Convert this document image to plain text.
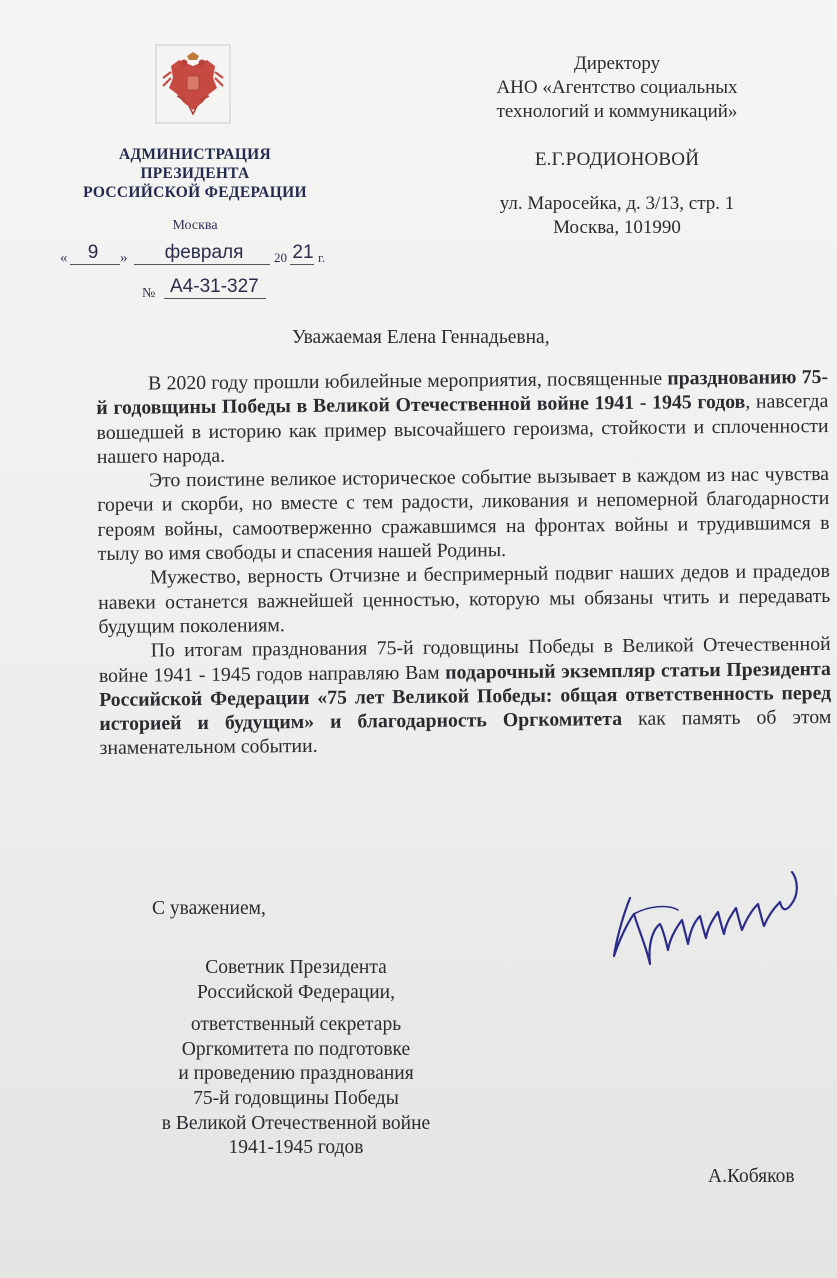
АДМИНИСТРАЦИЯ
ПРЕЗИДЕНТА
РОССИЙСКОЙ ФЕДЕРАЦИИ
Москва
«	9	»	февраля	20 21 г.
№ А4-31-327
Директору
АНО «Агентство социальных
технологий и коммуникаций»
Е.Г.РОДИОНОВОЙ
ул. Маросейка, д. 3/13, стр. 1
Москва, 101990
Уважаемая Елена Геннадьевна,

В 2020 году прошли юбилейные мероприятия, посвященные празднованию 75-й годовщины Победы в Великой Отечественной войне 1941 - 1945 годов, навсегда вошедшей в историю как пример высочайшего героизма, стойкости и сплоченности нашего народа.

Это поистине великое историческое событие вызывает в каждом из нас чувства горечи и скорби, но вместе с тем радости, ликования и непомерной благодарности героям войны, самоотверженно сражавшимся на фронтах войны и трудившимся в тылу во имя свободы и спасения нашей Родины.

Мужество, верность Отчизне и беспримерный подвиг наших дедов и прадедов навеки останется важнейшей ценностью, которую мы обязаны чтить и передавать будущим поколениям.

По итогам празднования 75-й годовщины Победы в Великой Отечественной войне 1941 - 1945 годов направляю Вам подарочный экземпляр статьи Президента Российской Федерации «75 лет Великой Победы: общая ответственность перед историей и будущим» и благодарность Оргкомитета как память об этом знаменательном событии.

С уважением,
Советник Президента
Российской Федерации,
ответственный секретарь
Оргкомитета по подготовке
и проведению празднования
75-й годовщины Победы
в Великой Отечественной войне
1941-1945 годов
А.Кобяков
